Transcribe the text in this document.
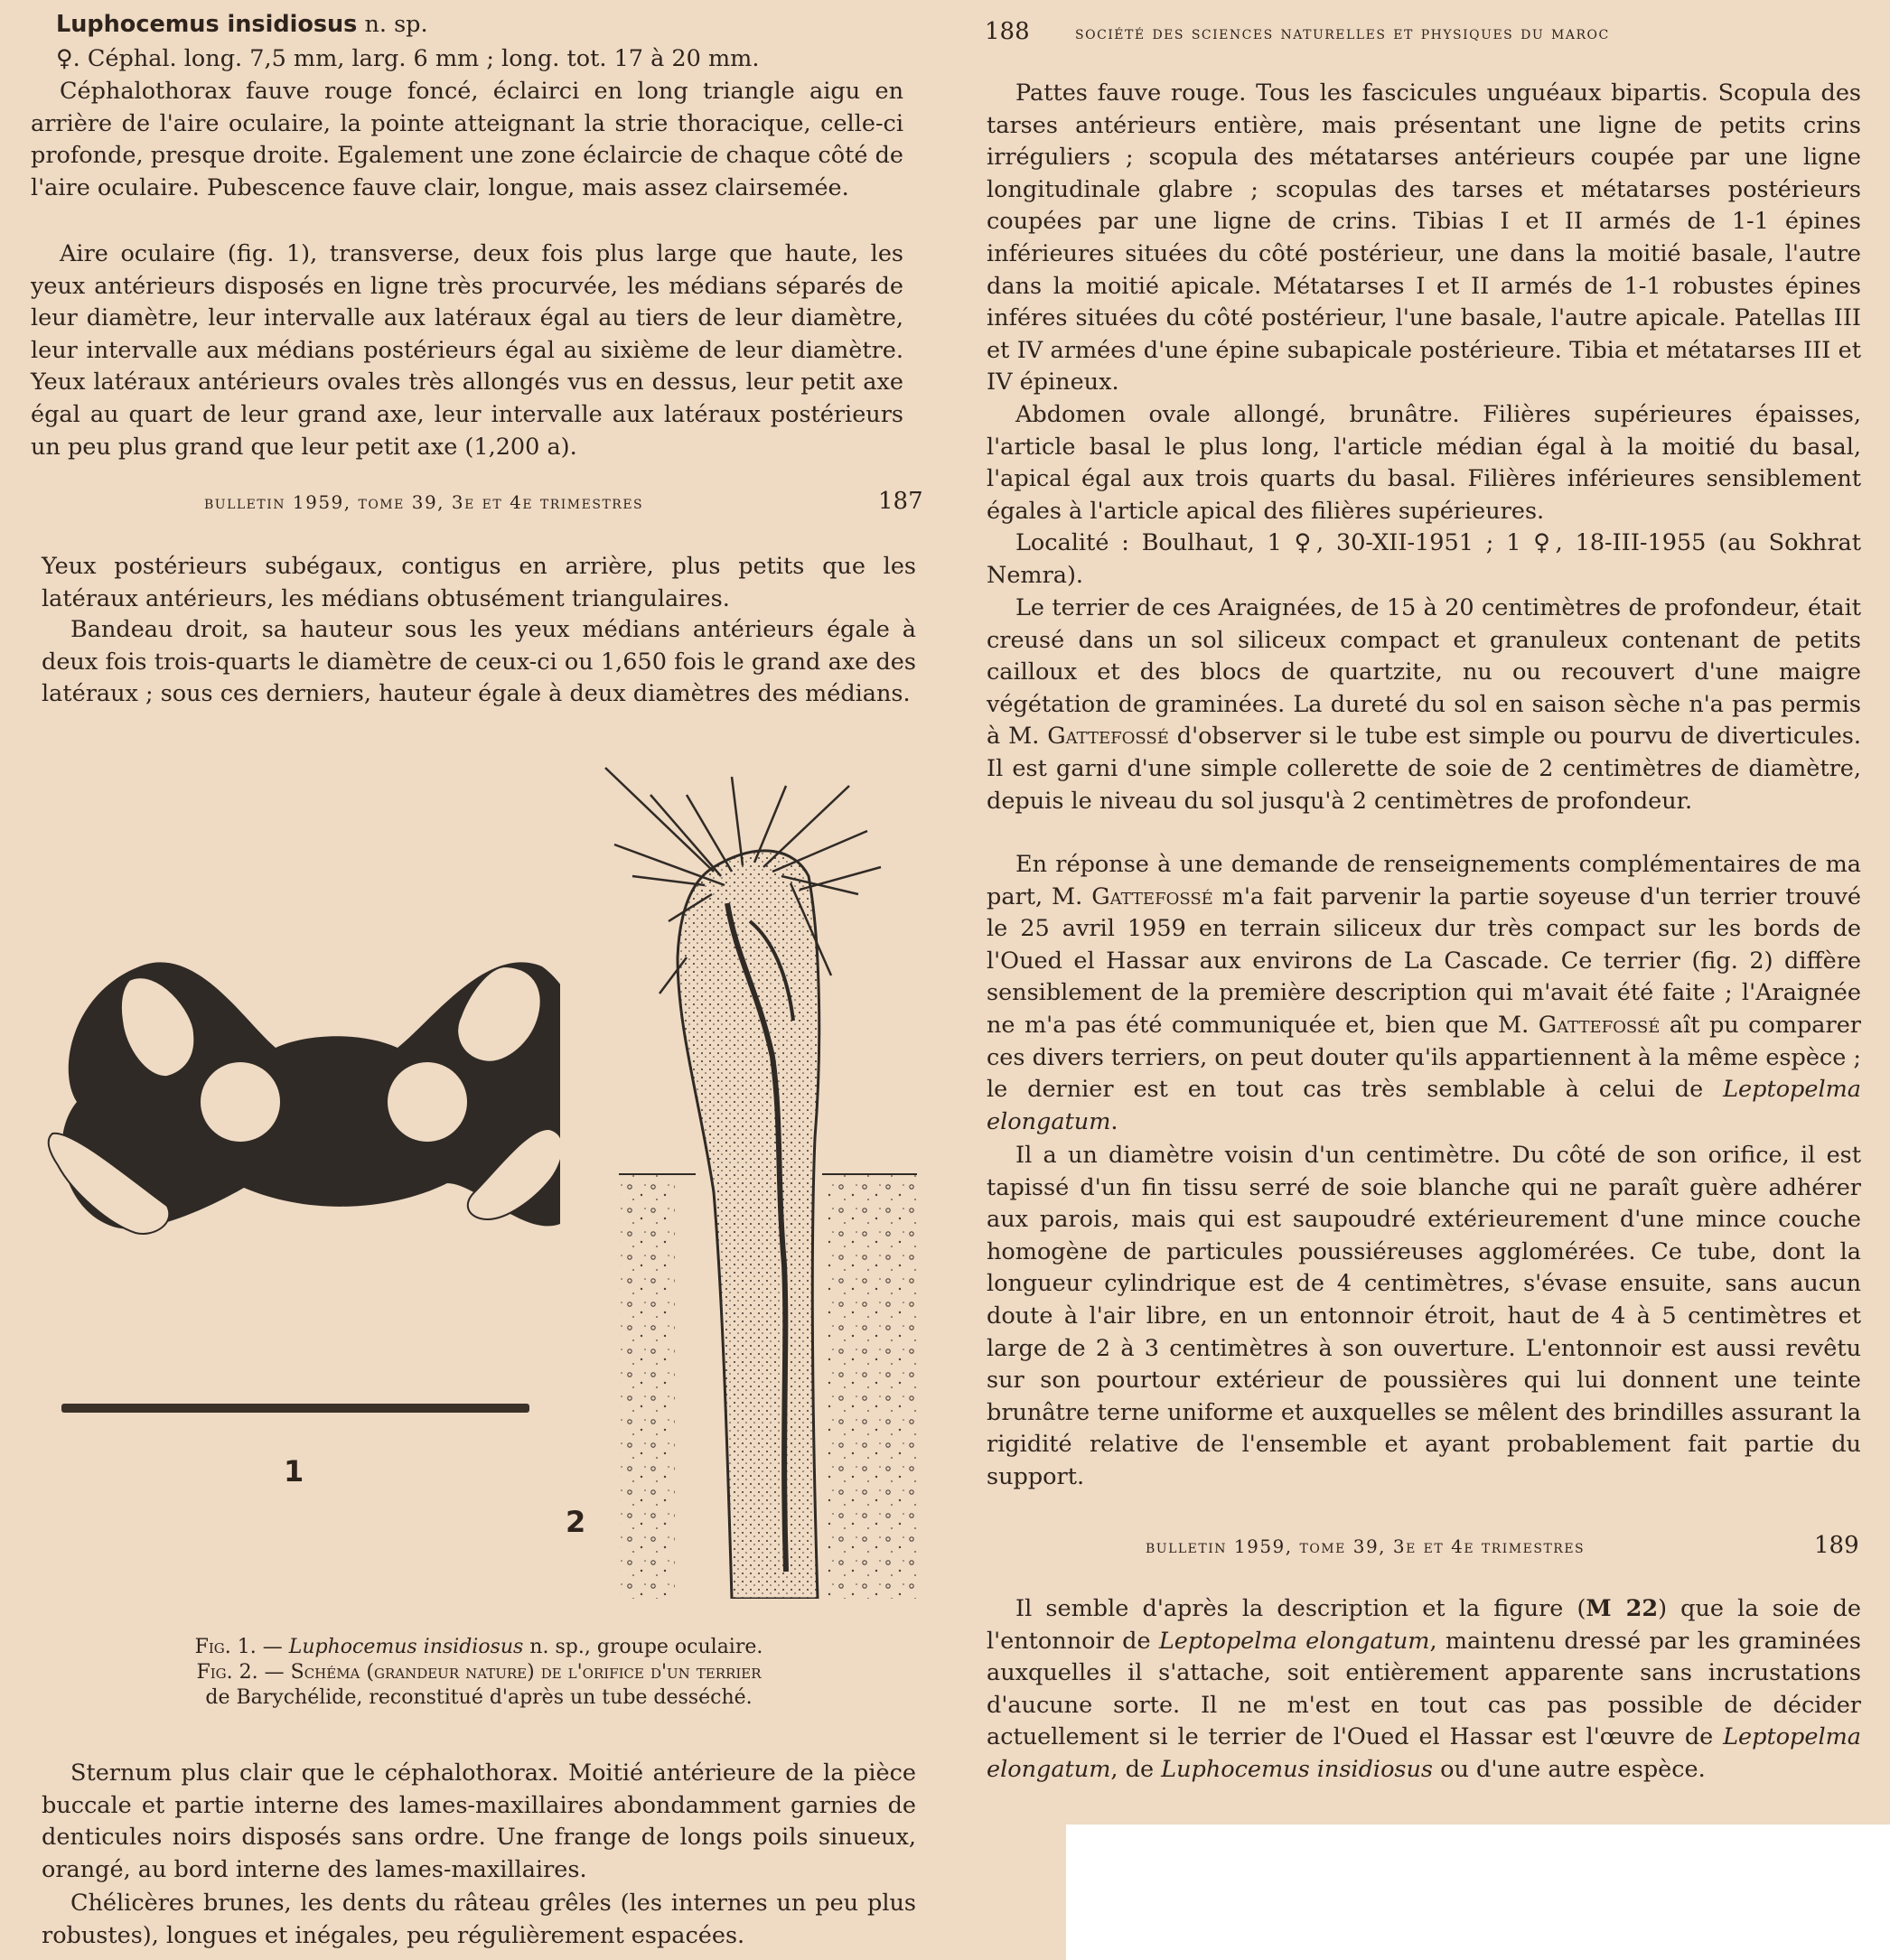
Luphocemus insidiosus n. sp.

♀. Céphal. long. 7,5 mm, larg. 6 mm ; long. tot. 17 à 20 mm.

Céphalothorax fauve rouge foncé, éclairci en long triangle aigu en arrière de l'aire oculaire, la pointe atteignant la strie thoracique, celle-ci profonde, presque droite. Egalement une zone éclaircie de chaque côté de l'aire oculaire. Pubescence fauve clair, longue, mais assez clairsemée.

Aire oculaire (fig. 1), transverse, deux fois plus large que haute, les yeux antérieurs disposés en ligne très procurvée, les médians séparés de leur diamètre, leur intervalle aux latéraux égal au tiers de leur diamètre, leur intervalle aux médians postérieurs égal au sixième de leur diamètre. Yeux latéraux antérieurs ovales très allongés vus en dessus, leur petit axe égal au quart de leur grand axe, leur intervalle aux latéraux postérieurs un peu plus grand que leur petit axe (1,200 a).

bulletin 1959, tome 39, 3e et 4e trimestres	187

Yeux postérieurs subégaux, contigus en arrière, plus petits que les latéraux antérieurs, les médians obtusément triangulaires.

Bandeau droit, sa hauteur sous les yeux médians antérieurs égale à deux fois trois-quarts le diamètre de ceux-ci ou 1,650 fois le grand axe des latéraux ; sous ces derniers, hauteur égale à deux diamètres des médians.

1
2
Fig. 1. — Luphocemus insidiosus n. sp., groupe oculaire.
Fig. 2. — Schéma (grandeur nature) de l'orifice d'un terrier
de Barychélide, reconstitué d'après un tube desséché.

Sternum plus clair que le céphalothorax. Moitié antérieure de la pièce buccale et partie interne des lames-maxillaires abondamment garnies de denticules noirs disposés sans ordre. Une frange de longs poils sinueux, orangé, au bord interne des lames-maxillaires.

Chélicères brunes, les dents du râteau grêles (les internes un peu plus robustes), longues et inégales, peu régulièrement espacées.

188	société des sciences naturelles et physiques du maroc

Pattes fauve rouge. Tous les fascicules unguéaux bipartis. Scopula des tarses antérieurs entière, mais présentant une ligne de petits crins irréguliers ; scopula des métatarses antérieurs coupée par une ligne longitudinale glabre ; scopulas des tarses et métatarses postérieurs coupées par une ligne de crins. Tibias I et II armés de 1-1 épines inférieures situées du côté postérieur, une dans la moitié basale, l'autre dans la moitié apicale. Métatarses I et II armés de 1-1 robustes épines inféres situées du côté postérieur, l'une basale, l'autre apicale. Patellas III et IV armées d'une épine subapicale postérieure. Tibia et métatarses III et IV épineux.

Abdomen ovale allongé, brunâtre. Filières supérieures épaisses, l'article basal le plus long, l'article médian égal à la moitié du basal, l'apical égal aux trois quarts du basal. Filières inférieures sensiblement égales à l'article apical des filières supérieures.

Localité : Boulhaut, 1 ♀, 30-XII-1951 ; 1 ♀, 18-III-1955 (au Sokhrat Nemra).

Le terrier de ces Araignées, de 15 à 20 centimètres de profondeur, était creusé dans un sol siliceux compact et granuleux contenant de petits cailloux et des blocs de quartzite, nu ou recouvert d'une maigre végétation de graminées. La dureté du sol en saison sèche n'a pas permis à M. Gattefossé d'observer si le tube est simple ou pourvu de diverticules. Il est garni d'une simple collerette de soie de 2 centimètres de diamètre, depuis le niveau du sol jusqu'à 2 centimètres de profondeur.

En réponse à une demande de renseignements complémentaires de ma part, M. Gattefossé m'a fait parvenir la partie soyeuse d'un terrier trouvé le 25 avril 1959 en terrain siliceux dur très compact sur les bords de l'Oued el Hassar aux environs de La Cascade. Ce terrier (fig. 2) diffère sensiblement de la première description qui m'avait été faite ; l'Araignée ne m'a pas été communiquée et, bien que M. Gattefossé aît pu comparer ces divers terriers, on peut douter qu'ils appartiennent à la même espèce ; le dernier est en tout cas très semblable à celui de Leptopelma elongatum.

Il a un diamètre voisin d'un centimètre. Du côté de son orifice, il est tapissé d'un fin tissu serré de soie blanche qui ne paraît guère adhérer aux parois, mais qui est saupoudré extérieurement d'une mince couche homogène de particules poussiéreuses agglomérées. Ce tube, dont la longueur cylindrique est de 4 centimètres, s'évase ensuite, sans aucun doute à l'air libre, en un entonnoir étroit, haut de 4 à 5 centimètres et large de 2 à 3 centimètres à son ouverture. L'entonnoir est aussi revêtu sur son pourtour extérieur de poussières qui lui donnent une teinte brunâtre terne uniforme et auxquelles se mêlent des brindilles assurant la rigidité relative de l'ensemble et ayant probablement fait partie du support.

bulletin 1959, tome 39, 3e et 4e trimestres	189

Il semble d'après la description et la figure (M 22) que la soie de l'entonnoir de Leptopelma elongatum, maintenu dressé par les graminées auxquelles il s'attache, soit entièrement apparente sans incrustations d'aucune sorte. Il ne m'est en tout cas pas possible de décider actuellement si le terrier de l'Oued el Hassar est l'œuvre de Leptopelma elongatum, de Luphocemus insidiosus ou d'une autre espèce.
